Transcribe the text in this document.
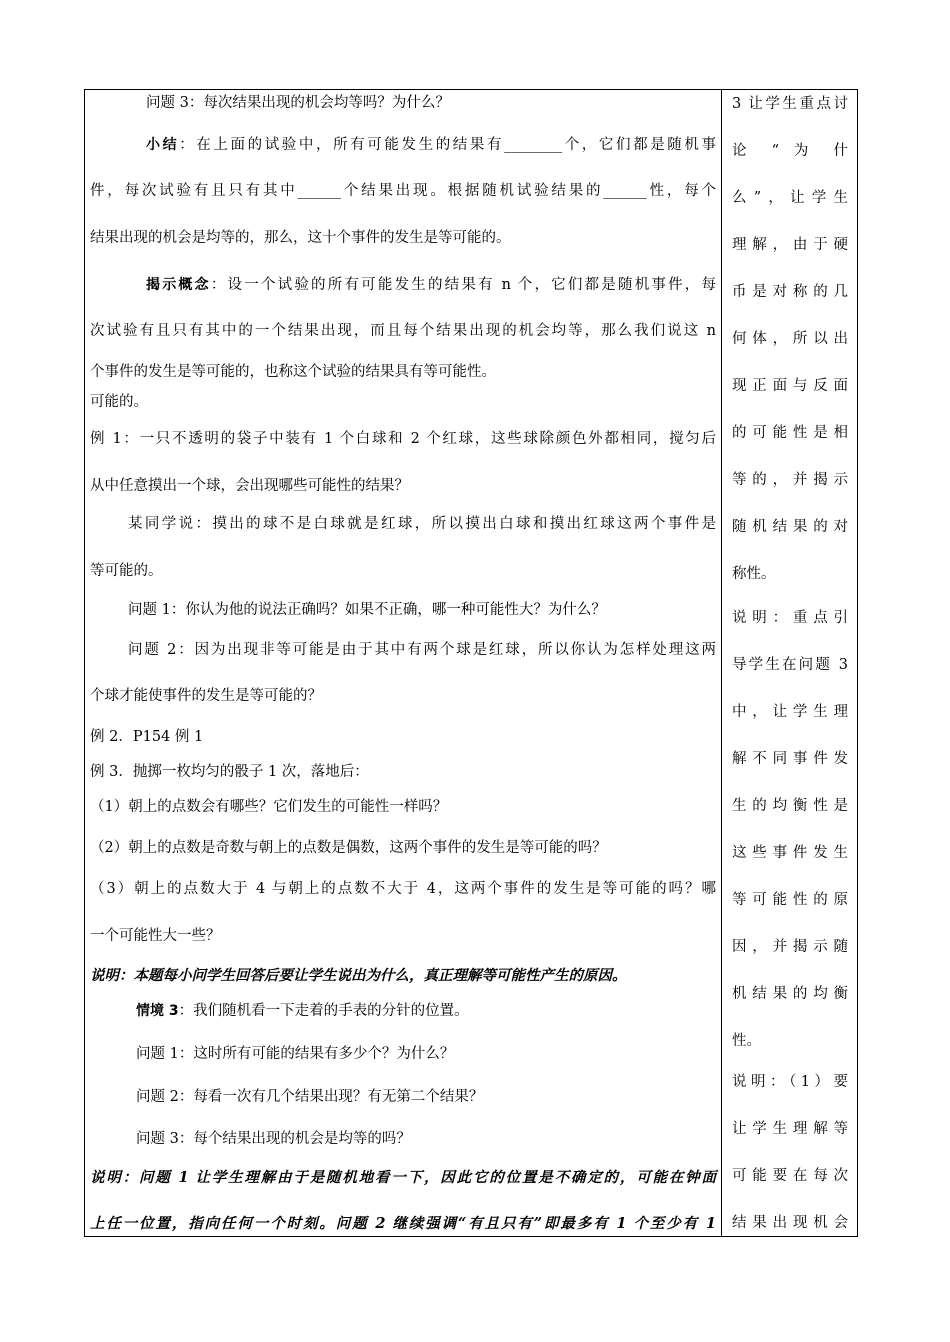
问题 3：每次结果出现的机会均等吗？为什么？
小结：在上面的试验中，所有可能发生的结果有________个，它们都是随机事
件，每次试验有且只有其中______个结果出现。根据随机试验结果的______性，每个
结果出现的机会是均等的，那么，这十个事件的发生是等可能的。
揭示概念：设一个试验的所有可能发生的结果有 n 个，它们都是随机事件，每
次试验有且只有其中的一个结果出现，而且每个结果出现的机会均等，那么我们说这 n
个事件的发生是等可能的，也称这个试验的结果具有等可能性。
可能的。
例 1：一只不透明的袋子中装有 1 个白球和 2 个红球，这些球除颜色外都相同，搅匀后
从中任意摸出一个球，会出现哪些可能性的结果？
某同学说：摸出的球不是白球就是红球，所以摸出白球和摸出红球这两个事件是
等可能的。
问题 1：你认为他的说法正确吗？如果不正确，哪一种可能性大？为什么？
问题 2：因为出现非等可能是由于其中有两个球是红球，所以你认为怎样处理这两
个球才能使事件的发生是等可能的？
例 2．P154 例 1
例 3．抛掷一枚均匀的骰子 1 次，落地后：
（1）朝上的点数会有哪些？它们发生的可能性一样吗？
（2）朝上的点数是奇数与朝上的点数是偶数，这两个事件的发生是等可能的吗？
（3）朝上的点数大于 4 与朝上的点数不大于 4，这两个事件的发生是等可能的吗？哪
一个可能性大一些？
说明：本题每小问学生回答后要让学生说出为什么，真正理解等可能性产生的原因。
情境 3：我们随机看一下走着的手表的分针的位置。
问题 1：这时所有可能的结果有多少个？为什么？
问题 2：每看一次有几个结果出现？有无第二个结果？
问题 3：每个结果出现的机会是均等的吗？
说明：问题 1 让学生理解由于是随机地看一下，因此它的位置是不确定的，可能在钟面
上任一位置，指向任何一个时刻。问题 2 继续强调“有且只有”即最多有 1 个至少有 1
3 让学生重点讨
论 “ 为 什
么”，让学生
理解，由于硬
币是对称的几
何体，所以出
现正面与反面
的可能性是相
等的，并揭示
随机结果的对
称性。
说明：重点引
导学生在问题 3
中，让学生理
解不同事件发
生的均衡性是
这些事件发生
等可能性的原
因，并揭示随
机结果的均衡
性。
说明：（1）要
让学生理解等
可能要在每次
结果出现机会
